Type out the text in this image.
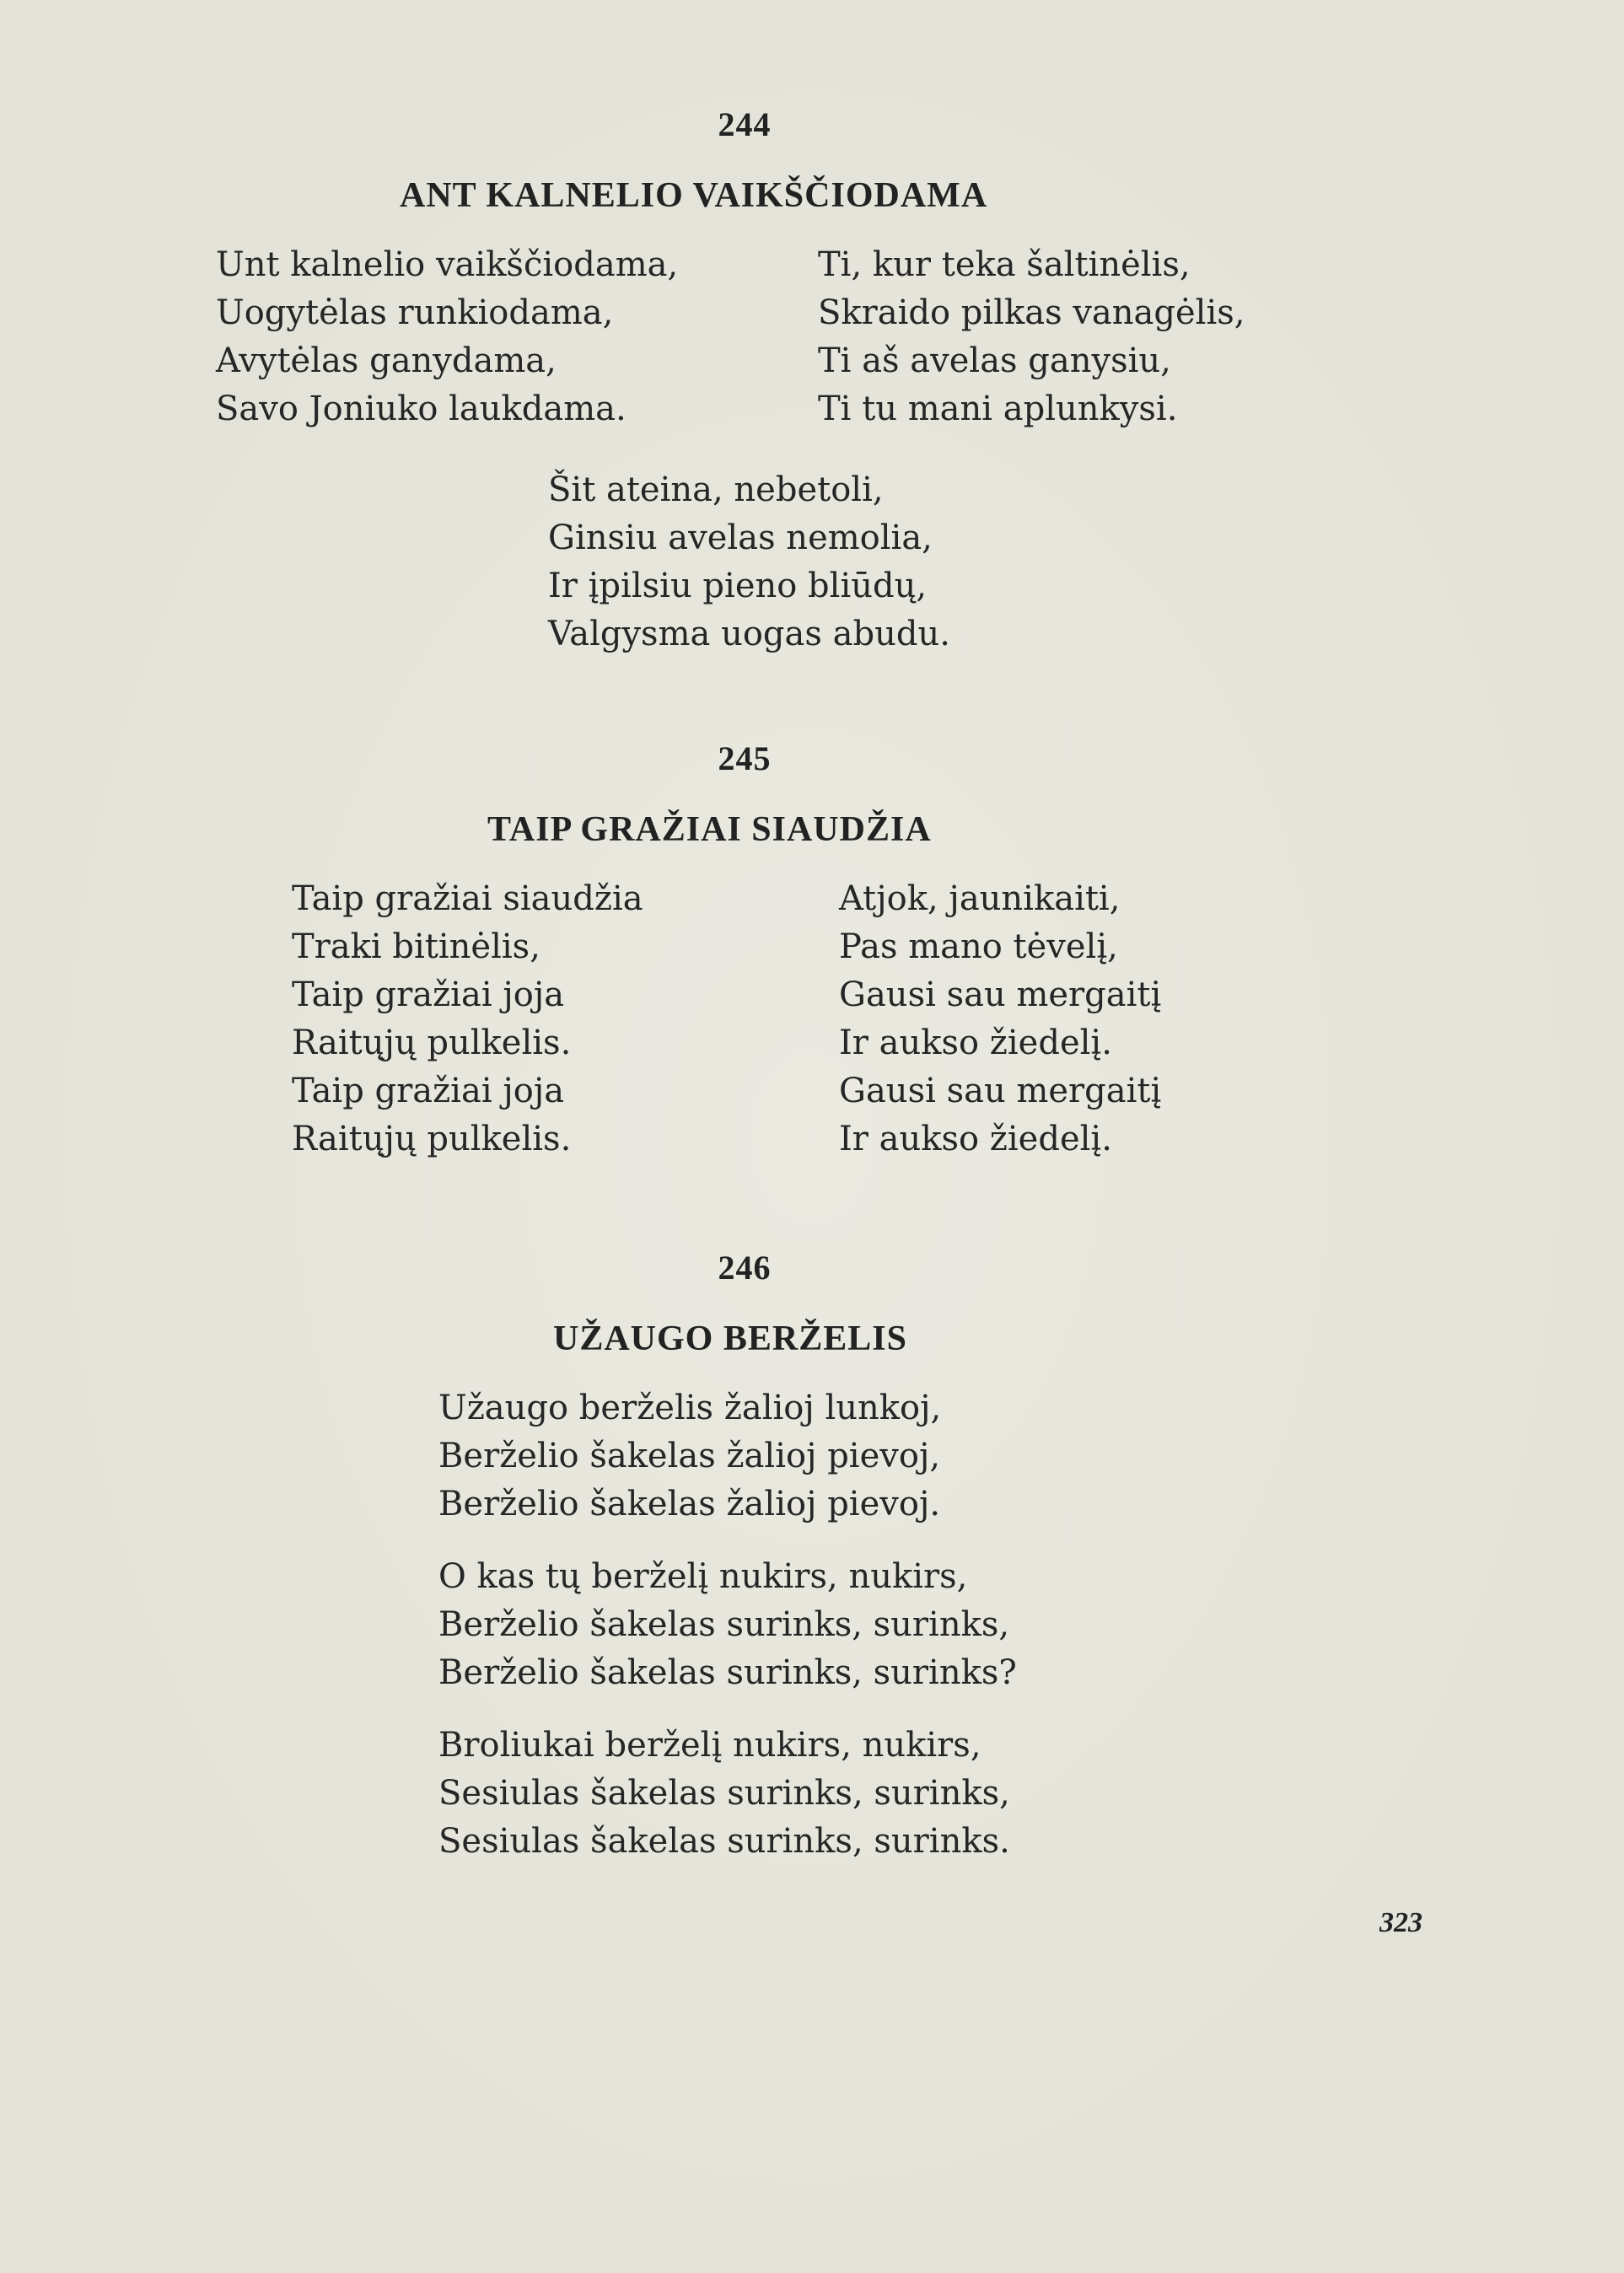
244
ANT KALNELIO VAIKŠČIODAMA
Unt kalnelio vaikščiodama,
Uogytėlas runkiodama,
Avytėlas ganydama,
Savo Joniuko laukdama.
Ti, kur teka šaltinėlis,
Skraido pilkas vanagėlis,
Ti aš avelas ganysiu,
Ti tu mani aplunkysi.
Šit ateina, nebetoli,
Ginsiu avelas nemolia,
Ir įpilsiu pieno bliūdų,
Valgysma uogas abudu.
245
TAIP GRAŽIAI SIAUDŽIA
Taip gražiai siaudžia
Traki bitinėlis,
Taip gražiai joja
Raitųjų pulkelis.
Taip gražiai joja
Raitųjų pulkelis.
Atjok, jaunikaiti,
Pas mano tėvelį,
Gausi sau mergaitį
Ir aukso žiedelį.
Gausi sau mergaitį
Ir aukso žiedelį.
246
UŽAUGO BERŽELIS
Užaugo berželis žalioj lunkoj,
Berželio šakelas žalioj pievoj,
Berželio šakelas žalioj pievoj.
O kas tų berželį nukirs, nukirs,
Berželio šakelas surinks, surinks,
Berželio šakelas surinks, surinks?
Broliukai berželį nukirs, nukirs,
Sesiulas šakelas surinks, surinks,
Sesiulas šakelas surinks, surinks.
323
